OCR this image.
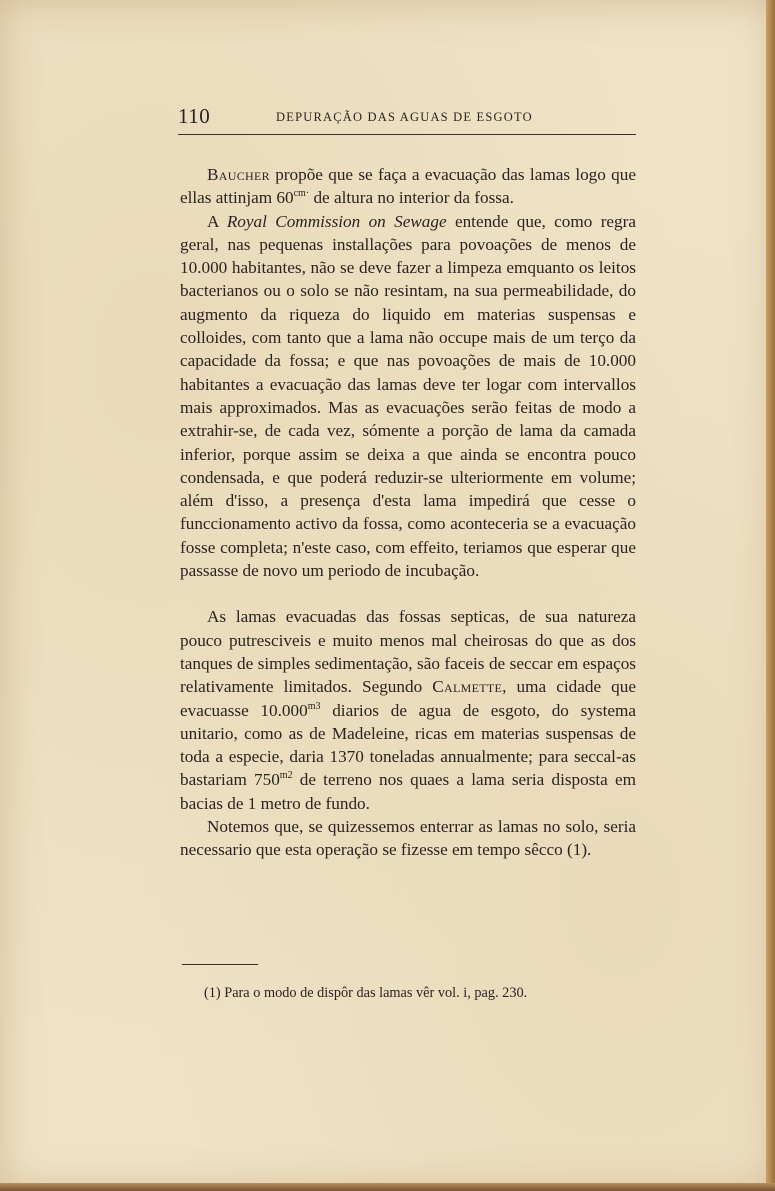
110	DEPURAÇÃO DAS AGUAS DE ESGOTO

Baucher propõe que se faça a evacuação das lamas logo que ellas attinjam $60^{cm\cdot}$ de altura no interior da fossa.

A Royal Commission on Sewage entende que, como regra geral, nas pequenas installações para povoações de menos de 10.000 habitantes, não se deve fazer a limpeza emquanto os leitos bacterianos ou o solo se não resintam, na sua permeabilidade, do augmento da riqueza do liquido em materias suspensas e colloides, com tanto que a lama não occupe mais de um terço da capacidade da fossa; e que nas povoações de mais de 10.000 habitantes a evacuação das lamas deve ter logar com intervallos mais approximados. Mas as evacuações serão feitas de modo a extrahir-se, de cada vez, sómente a porção de lama da camada inferior, porque assim se deixa a que ainda se encontra pouco condensada, e que poderá reduzir-se ulteriormente em volume; além d'isso, a presença d'esta lama impedirá que cesse o funccionamento activo da fossa, como aconteceria se a evacuação fosse completa; n'este caso, com effeito, teriamos que esperar que passasse de novo um periodo de incubação.

As lamas evacuadas das fossas septicas, de sua natureza pouco putresciveis e muito menos mal cheirosas do que as dos tanques de simples sedimentação, são faceis de seccar em espaços relativamente limitados. Segundo Calmette, uma cidade que evacuasse $10.000^{m3}$ diarios de agua de esgoto, do systema unitario, como as de Madeleine, ricas em materias suspensas de toda a especie, daria 1370 toneladas annualmente; para seccal-as bastariam $750^{m2}$ de terreno nos quaes a lama seria disposta em bacias de 1 metro de fundo.

Notemos que, se quizessemos enterrar as lamas no solo, seria necessario que esta operação se fizesse em tempo sêcco (1).

(1) Para o modo de dispôr das lamas vêr vol. i, pag. 230.
